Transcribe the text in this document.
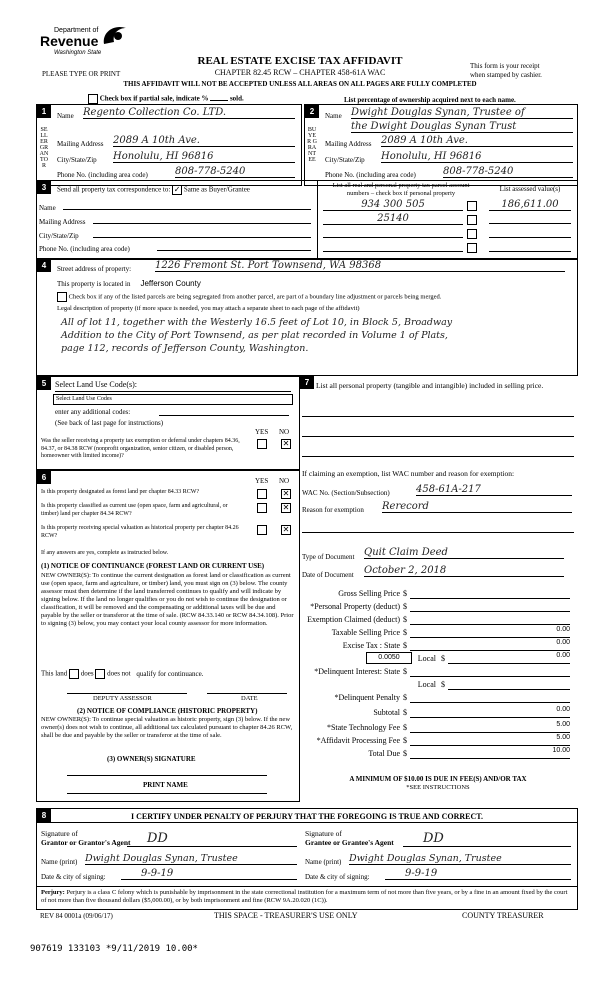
Department of
Revenue
Washington State
PLEASE TYPE OR PRINT
REAL ESTATE EXCISE TAX AFFIDAVIT
CHAPTER 82.45 RCW – CHAPTER 458-61A WAC
This form is your receipt
when stamped by cashier.
THIS AFFIDAVIT WILL NOT BE ACCEPTED UNLESS ALL AREAS ON ALL PAGES ARE FULLY COMPLETED
Check box if partial sale, indicate %	sold.	List percentage of ownership acquired next to each name.
1
SELLER GRANTOR
Name Regento Collection Co. LTD.
Mailing Address 2089 A 10th Ave.
City/State/Zip Honolulu, HI 96816
Phone No. (including area code)	808-778-5240
2
BUYER GRANTEE
Name Dwight Douglas Synan, Trustee of
the Dwight Douglas Synan Trust
Mailing Address 2089 A 10th Ave.
City/State/Zip Honolulu, HI 96816
Phone No. (including area code)	808-778-5240
3	Send all property tax correspondence to: ✓ Same as Buyer/Grantee
Name
Mailing Address
City/State/Zip
Phone No. (including area code)
List all real and personal property tax parcel account numbers – check box if personal property
List assessed value(s)
934 300 505	186,611.00
25140
4	Street address of property: 1226 Fremont St. Port Townsend, WA 98368
This property is located in Jefferson County
Check box if any of the listed parcels are being segregated from another parcel, are part of a boundary line adjustment or parcels being merged.
Legal description of property (if more space is needed, you may attach a separate sheet to each page of the affidavit)
All of lot 11, together with the Westerly 16.5 feet of Lot 10, in Block 5, Broadway
Addition to the City of Port Townsend, as per plat recorded in Volume 1 of Plats,
page 112, records of Jefferson County, Washington.
5	Select Land Use Code(s):
Select Land Use Codes
enter any additional codes:
(See back of last page for instructions)
YES NO
Was the seller receiving a property tax exemption or deferral under chapters 84.36, 84.37, or 84.38 RCW (nonprofit organization, senior citizen, or disabled person, homeowner with limited income)?
✕
6	YES NO
Is this property designated as forest land per chapter 84.33 RCW?	✕
Is this property classified as current use (open space, farm and agricultural, or timber) land per chapter 84.34 RCW?
✕
Is this property receiving special valuation as historical property per chapter 84.26 RCW?
✕
If any answers are yes, complete as instructed below.
(1) NOTICE OF CONTINUANCE (FOREST LAND OR CURRENT USE)
NEW OWNER(S): To continue the current designation as forest land or classification as current use (open space, farm and agriculture, or timber) land, you must sign on (3) below. The county assessor must then determine if the land transferred continues to qualify and will indicate by signing below. If the land no longer qualifies or you do not wish to continue the designation or classification, it will be removed and the compensating or additional taxes will be due and payable by the seller or transferor at the time of sale. (RCW 84.33.140 or RCW 84.34.108). Prior to signing (3) below, you may contact your local county assessor for more information.
This land does does not qualify for continuance.
DEPUTY ASSESSOR	DATE
(2) NOTICE OF COMPLIANCE (HISTORIC PROPERTY)
NEW OWNER(S): To continue special valuation as historic property, sign (3) below. If the new owner(s) does not wish to continue, all additional tax calculated pursuant to chapter 84.26 RCW, shall be due and payable by the seller or transferor at the time of sale.
(3) OWNER(S) SIGNATURE
PRINT NAME
7 List all personal property (tangible and intangible) included in selling price.
If claiming an exemption, list WAC number and reason for exemption:
WAC No. (Section/Subsection)	458-61A-217
Reason for exemption Rerecord
Type of Document Quit Claim Deed
Date of Document October 2, 2018
Gross Selling Price $
*Personal Property (deduct) $
Exemption Claimed (deduct) $
Taxable Selling Price $	0.00
Excise Tax : State $	0.00
0.0050	Local $	0.00
*Delinquent Interest: State $
Local $
*Delinquent Penalty $
Subtotal $	0.00
*State Technology Fee $	5.00
*Affidavit Processing Fee $	5.00
Total Due $	10.00
A MINIMUM OF $10.00 IS DUE IN FEE(S) AND/OR TAX
*SEE INSTRUCTIONS
8	I CERTIFY UNDER PENALTY OF PERJURY THAT THE FOREGOING IS TRUE AND CORRECT.
Signature of
Grantor or Grantor's Agent	DD
Name (print) Dwight Douglas Synan, Trustee
Date & city of signing:	9-9-19
Signature of
Grantee or Grantee's Agent	DD
Name (print) Dwight Douglas Synan, Trustee
Date & city of signing:	9-9-19
Perjury: Perjury is a class C felony which is punishable by imprisonment in the state correctional institution for a maximum term of not more than five years, or by a fine in an amount fixed by the court of not more than five thousand dollars ($5,000.00), or by both imprisonment and fine (RCW 9A.20.020 (1C)).
REV 84 0001a (09/06/17)	THIS SPACE - TREASURER'S USE ONLY	COUNTY TREASURER
907619 133103 *9/11/2019 10.00*
